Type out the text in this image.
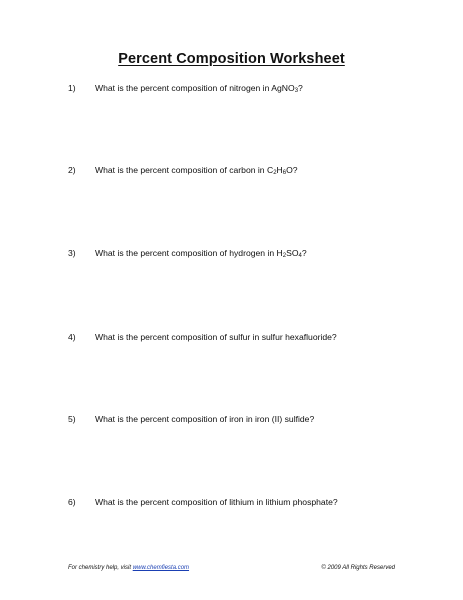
Percent Composition Worksheet
1) What is the percent composition of nitrogen in AgNO$_3$?
2) What is the percent composition of carbon in $C_2H_6O$?
3) What is the percent composition of hydrogen in $H_2SO_4$?
4) What is the percent composition of sulfur in sulfur hexafluoride?
5) What is the percent composition of iron in iron (II) sulfide?
6) What is the percent composition of lithium in lithium phosphate?
For chemistry help, visit www.chemfiesta.com	© 2009 All Rights Reserved
